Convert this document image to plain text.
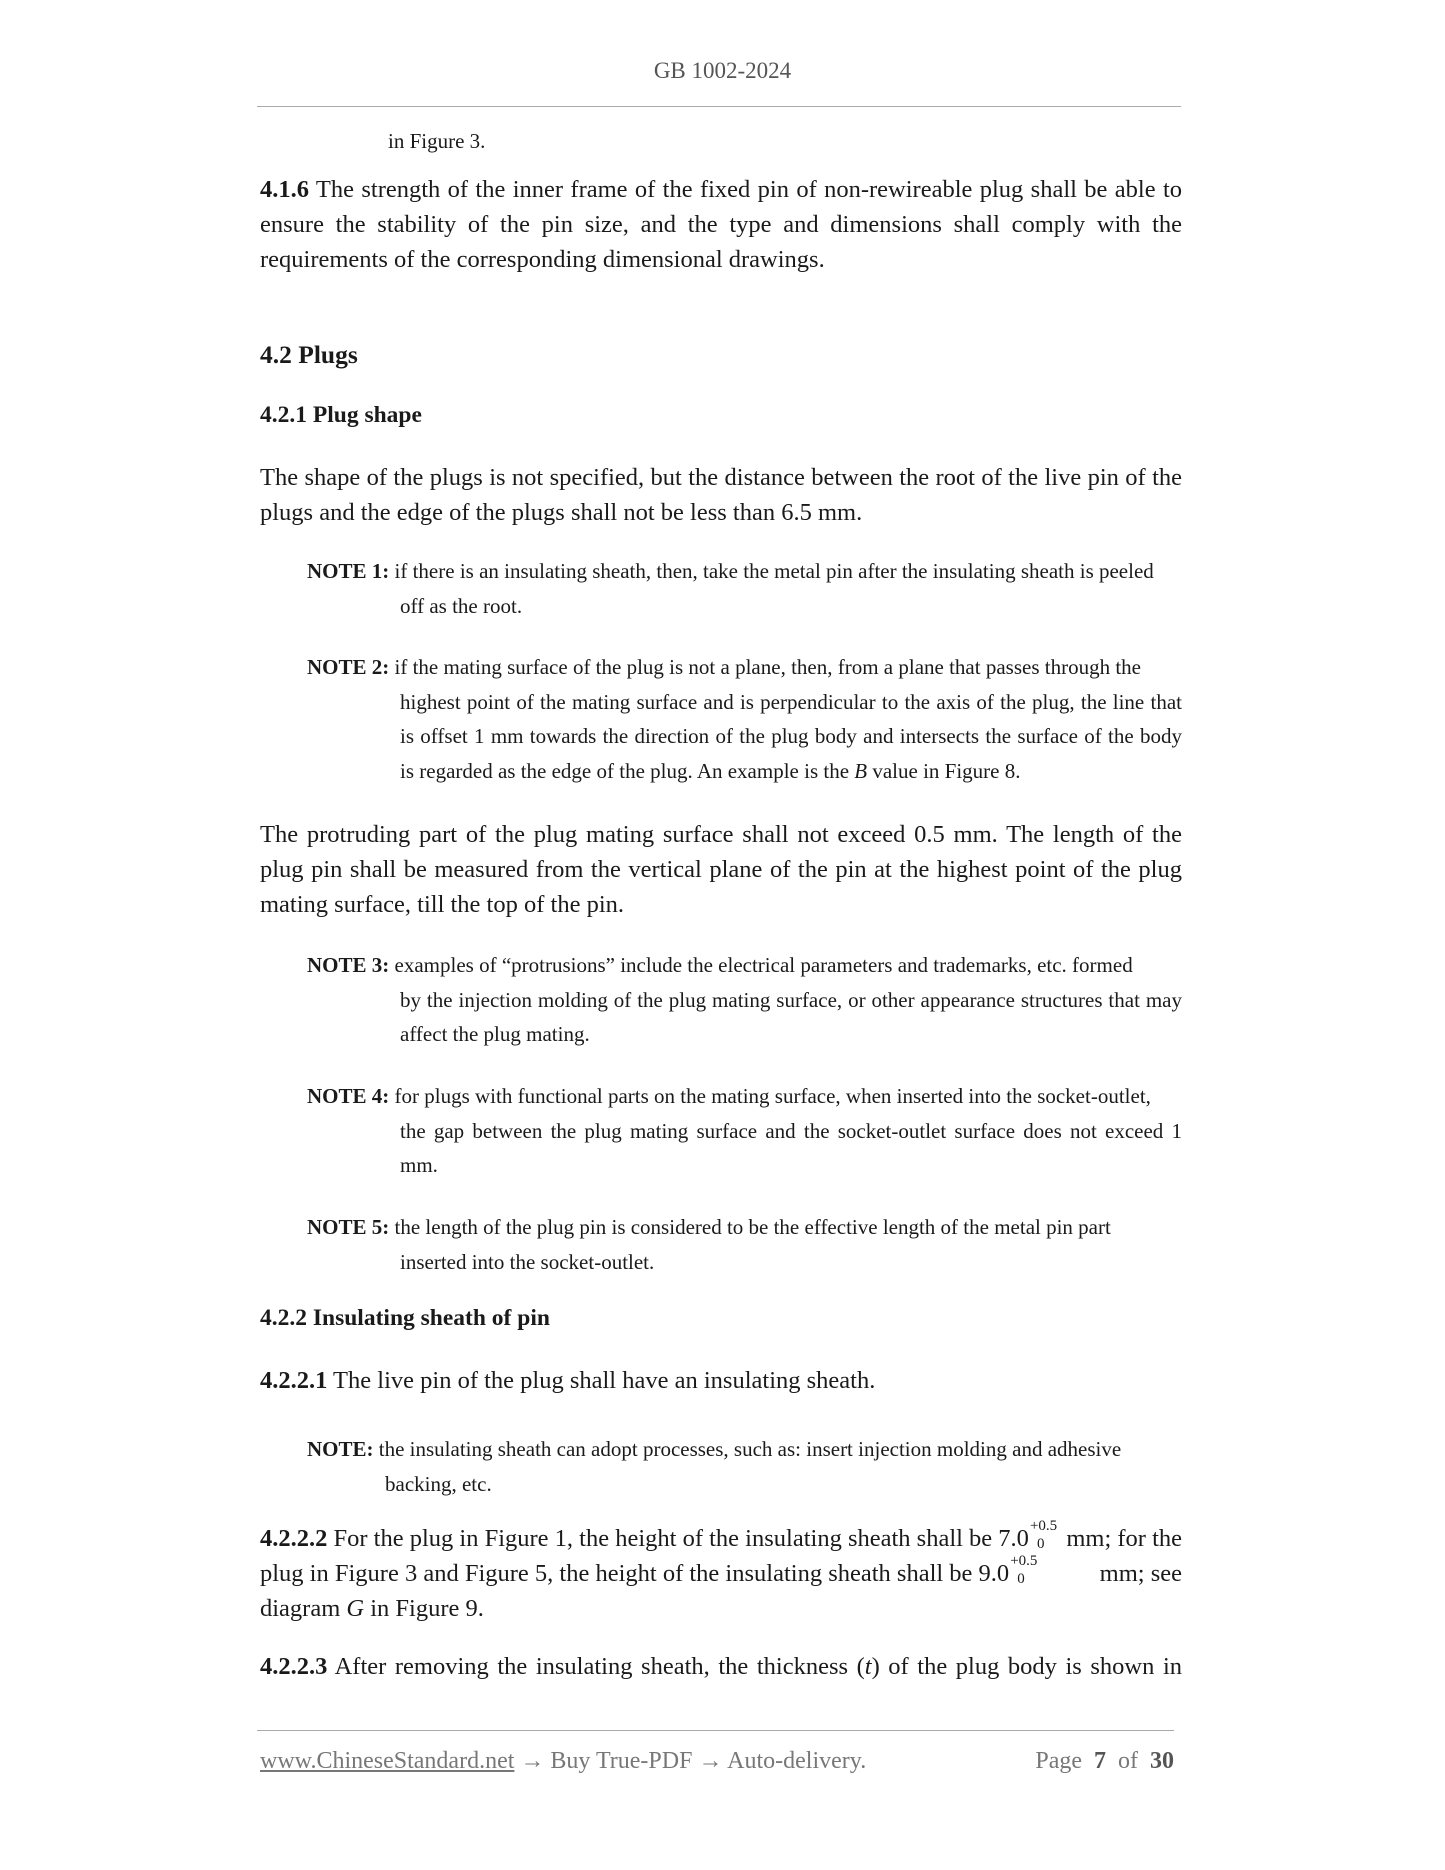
GB 1002-2024

in Figure 3.

4.1.6 The strength of the inner frame of the fixed pin of non-rewireable plug shall be able to ensure the stability of the pin size, and the type and dimensions shall comply with the requirements of the corresponding dimensional drawings.

4.2 Plugs

4.2.1 Plug shape

The shape of the plugs is not specified, but the distance between the root of the live pin of the plugs and the edge of the plugs shall not be less than 6.5 mm.

NOTE 1: if there is an insulating sheath, then, take the metal pin after the insulating sheath is peeled
off as the root.
NOTE 2: if the mating surface of the plug is not a plane, then, from a plane that passes through the
highest point of the mating surface and is perpendicular to the axis of the plug, the line that is offset 1 mm towards the direction of the plug body and intersects the surface of the body is regarded as the edge of the plug. An example is the B value in Figure 8.

The protruding part of the plug mating surface shall not exceed 0.5 mm. The length of the plug pin shall be measured from the vertical plane of the pin at the highest point of the plug mating surface, till the top of the pin.

NOTE 3: examples of “protrusions” include the electrical parameters and trademarks, etc. formed
by the injection molding of the plug mating surface, or other appearance structures that may affect the plug mating.
NOTE 4: for plugs with functional parts on the mating surface, when inserted into the socket-outlet,
the gap between the plug mating surface and the socket-outlet surface does not exceed 1 mm.
NOTE 5: the length of the plug pin is considered to be the effective length of the metal pin part
inserted into the socket-outlet.

4.2.2 Insulating sheath of pin

4.2.2.1 The live pin of the plug shall have an insulating sheath.

NOTE: the insulating sheath can adopt processes, such as: insert injection molding and adhesive
backing, etc.
4.2.2.2 For the plug in Figure 1, the height of the insulating sheath shall be 7.0 +0.5
0 mm; for the
plug in Figure 3 and Figure 5, the height of the insulating sheath shall be 9.0 +0.5
0	mm; see
diagram G in Figure 9.

4.2.2.3 After removing the insulating sheath, the thickness (t) of the plug body is shown in

www.ChineseStandard.net → Buy True-PDF → Auto-delivery.	Page 7 of 30
